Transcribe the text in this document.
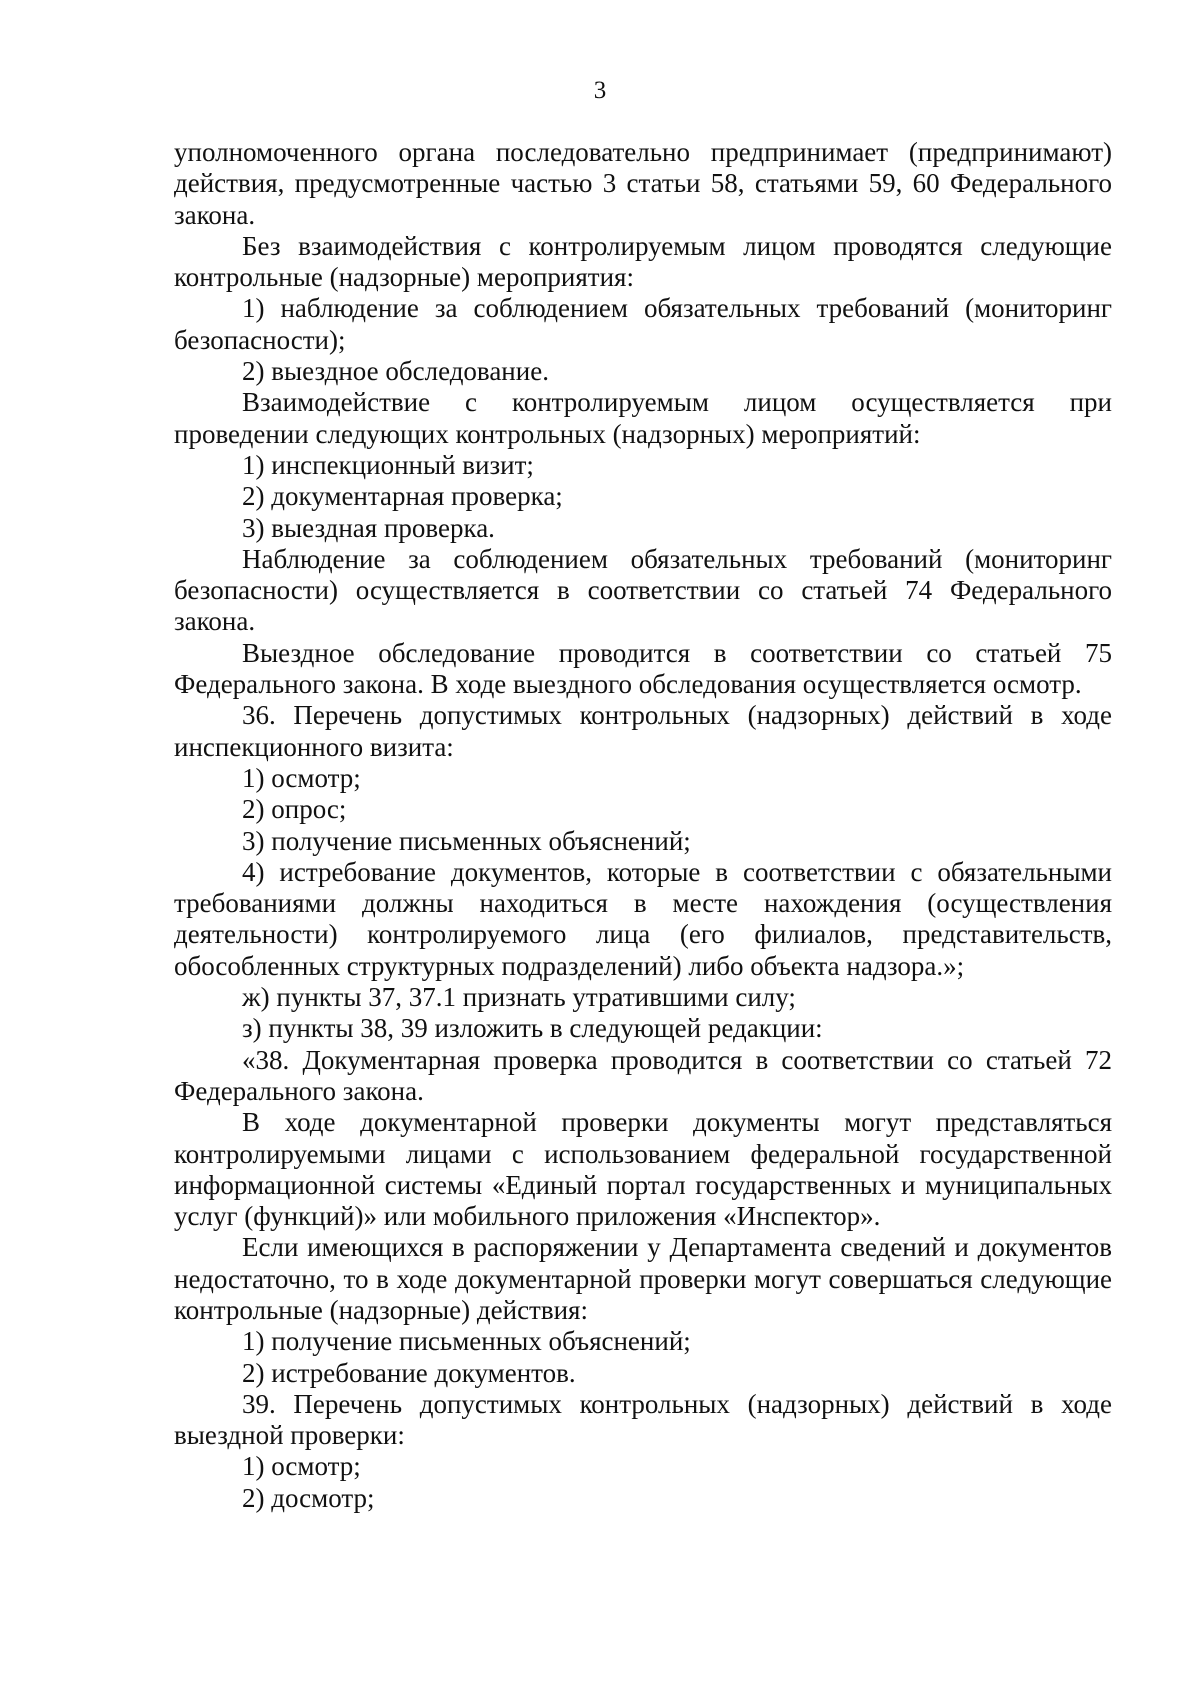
3

уполномоченного органа последовательно предпринимает (предпринимают) действия, предусмотренные частью 3 статьи 58, статьями 59, 60 Федерального закона.

Без взаимодействия с контролируемым лицом проводятся следующие контрольные (надзорные) мероприятия:

1) наблюдение за соблюдением обязательных требований (мониторинг безопасности);

2) выездное обследование.

Взаимодействие с контролируемым лицом осуществляется при проведении следующих контрольных (надзорных) мероприятий:

1) инспекционный визит;

2) документарная проверка;

3) выездная проверка.

Наблюдение за соблюдением обязательных требований (мониторинг безопасности) осуществляется в соответствии со статьей 74 Федерального закона.

Выездное обследование проводится в соответствии со статьей 75 Федерального закона. В ходе выездного обследования осуществляется осмотр.

36. Перечень допустимых контрольных (надзорных) действий в ходе инспекционного визита:

1) осмотр;

2) опрос;

3) получение письменных объяснений;

4) истребование документов, которые в соответствии с обязательными требованиями должны находиться в месте нахождения (осуществления деятельности) контролируемого лица (его филиалов, представительств, обособленных структурных подразделений) либо объекта надзора.»;

ж) пункты 37, 37.1 признать утратившими силу;

з) пункты 38, 39 изложить в следующей редакции:

«38. Документарная проверка проводится в соответствии со статьей 72 Федерального закона.

В ходе документарной проверки документы могут представляться контролируемыми лицами с использованием федеральной государственной информационной системы «Единый портал государственных и муниципальных услуг (функций)» или мобильного приложения «Инспектор».

Если имеющихся в распоряжении у Департамента сведений и документов недостаточно, то в ходе документарной проверки могут совершаться следующие контрольные (надзорные) действия:

1) получение письменных объяснений;

2) истребование документов.

39. Перечень допустимых контрольных (надзорных) действий в ходе выездной проверки:

1) осмотр;

2) досмотр;
